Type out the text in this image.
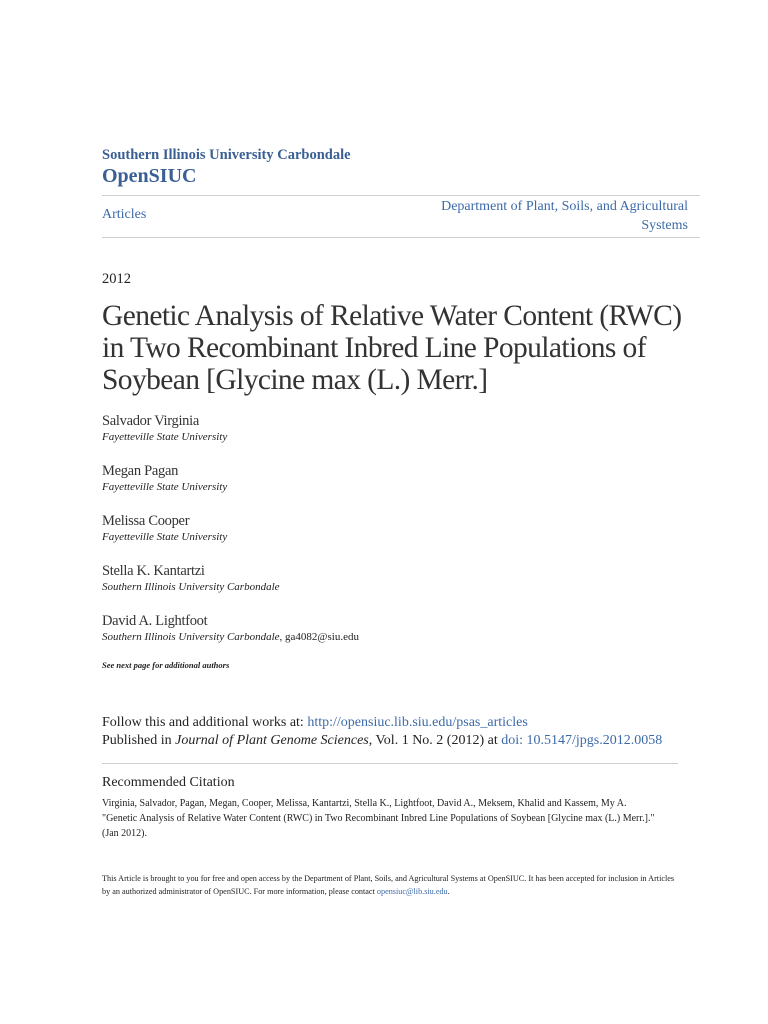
Southern Illinois University Carbondale
OpenSIUC
Articles
Department of Plant, Soils, and Agricultural Systems
2012
Genetic Analysis of Relative Water Content (RWC) in Two Recombinant Inbred Line Populations of Soybean [Glycine max (L.) Merr.]
Salvador Virginia
Fayetteville State University
Megan Pagan
Fayetteville State University
Melissa Cooper
Fayetteville State University
Stella K. Kantartzi
Southern Illinois University Carbondale
David A. Lightfoot
Southern Illinois University Carbondale, ga4082@siu.edu
See next page for additional authors
Follow this and additional works at: http://opensiuc.lib.siu.edu/psas_articles
Published in Journal of Plant Genome Sciences, Vol. 1 No. 2 (2012) at doi: 10.5147/jpgs.2012.0058
Recommended Citation
Virginia, Salvador, Pagan, Megan, Cooper, Melissa, Kantartzi, Stella K., Lightfoot, David A., Meksem, Khalid and Kassem, My A. "Genetic Analysis of Relative Water Content (RWC) in Two Recombinant Inbred Line Populations of Soybean [Glycine max (L.) Merr.]." (Jan 2012).
This Article is brought to you for free and open access by the Department of Plant, Soils, and Agricultural Systems at OpenSIUC. It has been accepted for inclusion in Articles by an authorized administrator of OpenSIUC. For more information, please contact opensiuc@lib.siu.edu.
